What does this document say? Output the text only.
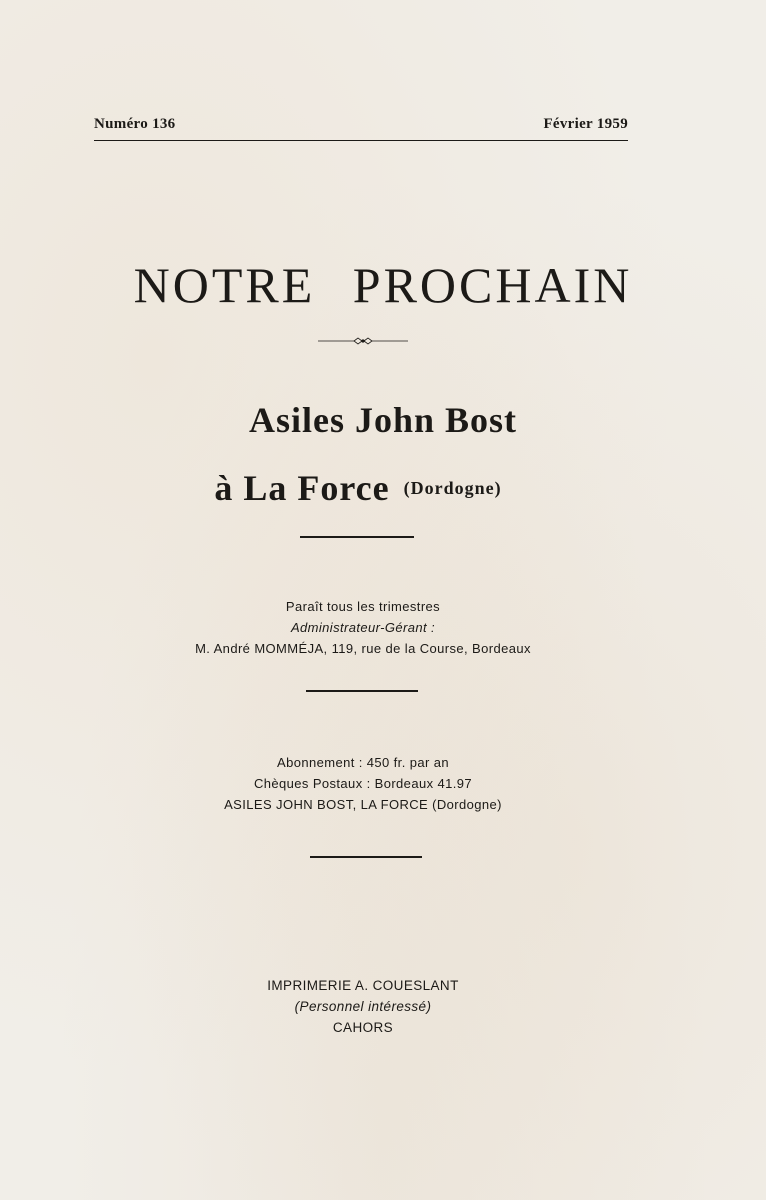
Numéro 136	Février 1959
NOTRE PROCHAIN
Asiles John Bost
à La Force (Dordogne)
Paraît tous les trimestres
Administrateur-Gérant :
M. André MOMMÉJA, 119, rue de la Course, Bordeaux
Abonnement : 450 fr. par an
Chèques Postaux : Bordeaux 41.97
ASILES JOHN BOST, LA FORCE (Dordogne)
IMPRIMERIE A. COUESLANT
(Personnel intéressé)
CAHORS
